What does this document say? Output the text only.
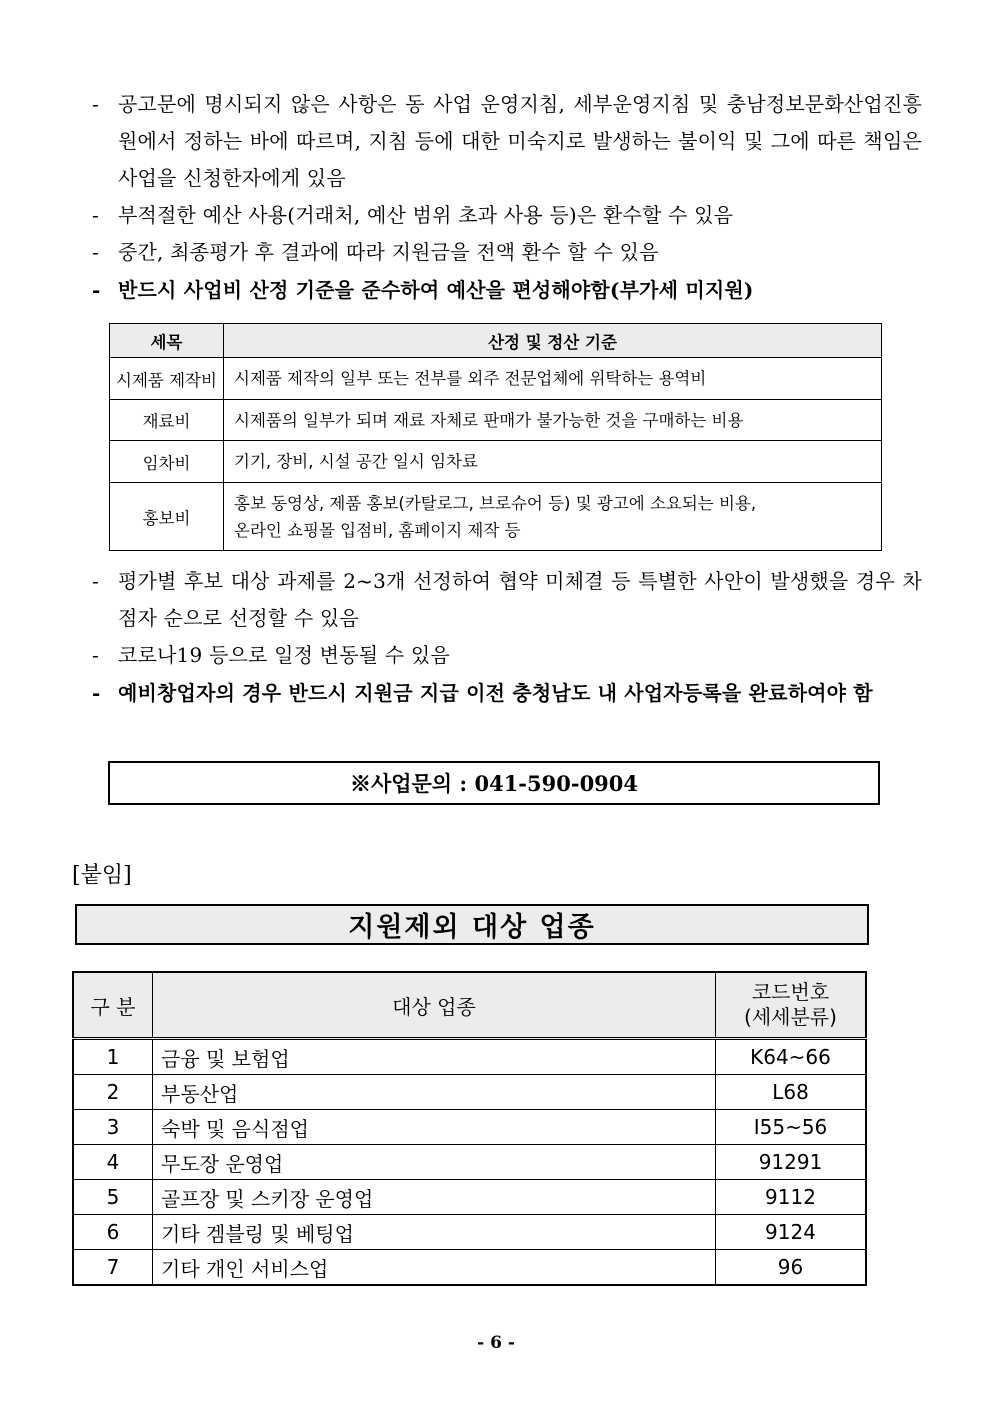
- 공고문에 명시되지 않은 사항은 동 사업 운영지침, 세부운영지침 및 충남정보문화산업진흥원에서 정하는 바에 따르며, 지침 등에 대한 미숙지로 발생하는 불이익 및 그에 따른 책임은 사업을 신청한자에게 있음
- 부적절한 예산 사용(거래처, 예산 범위 초과 사용 등)은 환수할 수 있음
- 중간, 최종평가 후 결과에 따라 지원금을 전액 환수 할 수 있음
- 반드시 사업비 산정 기준을 준수하여 예산을 편성해야함(부가세 미지원)
세목	산정 및 정산 기준
시제품 제작비	시제품 제작의 일부 또는 전부를 외주 전문업체에 위탁하는 용역비
재료비	시제품의 일부가 되며 재료 자체로 판매가 불가능한 것을 구매하는 비용
임차비	기기, 장비, 시설 공간 일시 임차료
홍보비	홍보 동영상, 제품 홍보(카탈로그, 브로슈어 등) 및 광고에 소요되는 비용,
온라인 쇼핑몰 입점비, 홈페이지 제작 등
- 평가별 후보 대상 과제를 2~3개 선정하여 협약 미체결 등 특별한 사안이 발생했을 경우 차점자 순으로 선정할 수 있음
- 코로나19 등으로 일정 변동될 수 있음
- 예비창업자의 경우 반드시 지원금 지급 이전 충청남도 내 사업자등록을 완료하여야 함
※사업문의 : 041-590-0904
[붙임]
지원제외 대상 업종
구 분	대상 업종	코드번호
(세세분류)

1	금융 및 보험업	K64~66
2	부동산업	L68
3	숙박 및 음식점업	I55~56
4	무도장 운영업	91291
5	골프장 및 스키장 운영업	9112
6	기타 겜블링 및 베팅업	9124
7	기타 개인 서비스업	96
- 6 -
